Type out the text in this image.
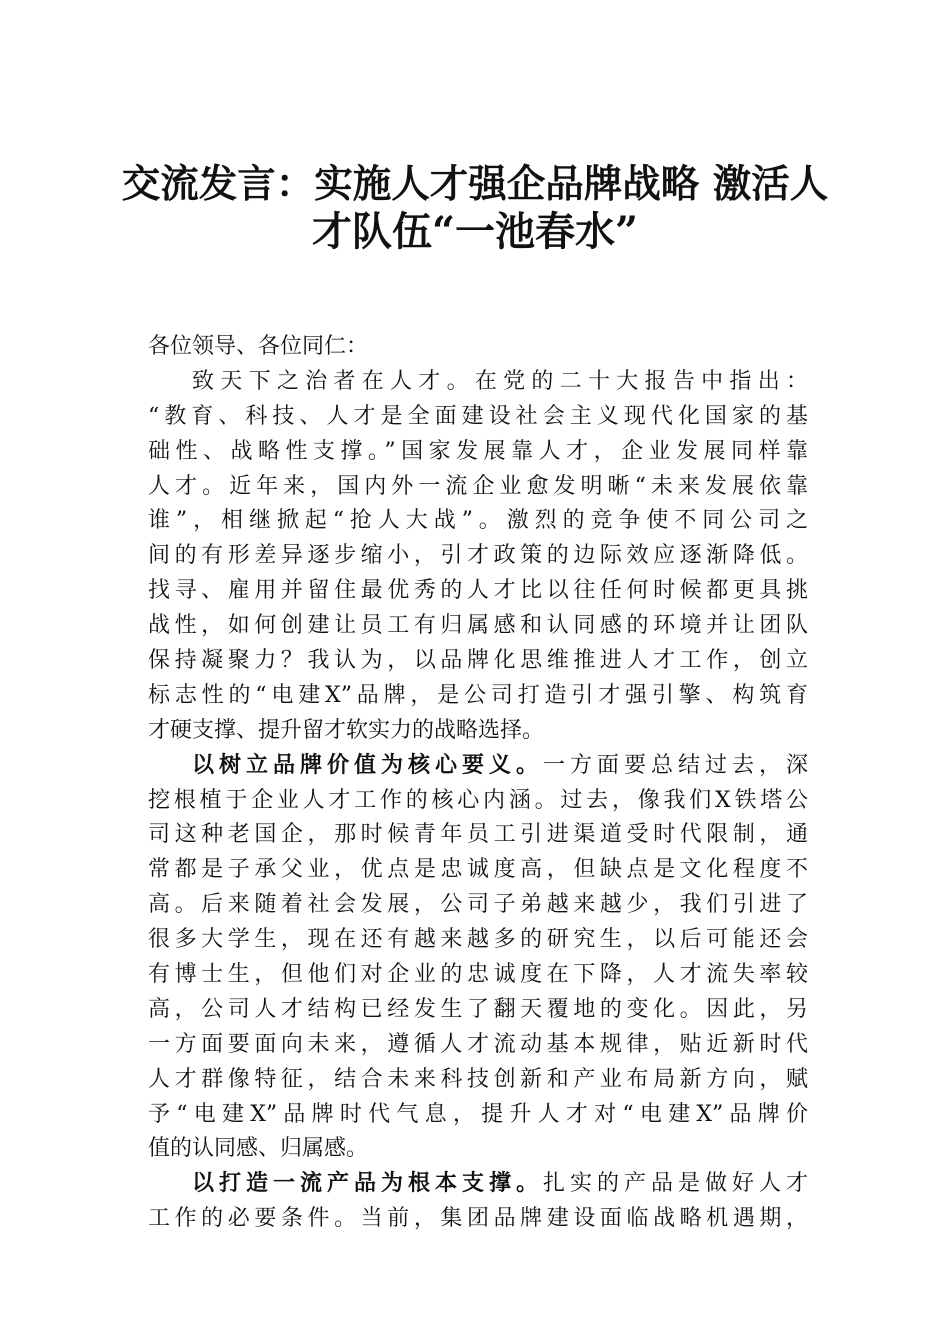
交流发言：实施人才强企品牌战略 激活人
才队伍“一池春水”
各位领导、各位同仁：
致天下之治者在人才。在党的二十大报告中指出：
“教育、科技、人才是全面建设社会主义现代化国家的基
础性、战略性支撑。”国家发展靠人才，企业发展同样靠
人才。近年来，国内外一流企业愈发明晰“未来发展依靠
谁”，相继掀起“抢人大战”。激烈的竞争使不同公司之
间的有形差异逐步缩小，引才政策的边际效应逐渐降低。
找寻、雇用并留住最优秀的人才比以往任何时候都更具挑
战性，如何创建让员工有归属感和认同感的环境并让团队
保持凝聚力？我认为，以品牌化思维推进人才工作，创立
标志性的“电建X”品牌，是公司打造引才强引擎、构筑育
才硬支撑、提升留才软实力的战略选择。
以树立品牌价值为核心要义。一方面要总结过去，深
挖根植于企业人才工作的核心内涵。过去，像我们X铁塔公
司这种老国企，那时候青年员工引进渠道受时代限制，通
常都是子承父业，优点是忠诚度高，但缺点是文化程度不
高。后来随着社会发展，公司子弟越来越少，我们引进了
很多大学生，现在还有越来越多的研究生，以后可能还会
有博士生，但他们对企业的忠诚度在下降，人才流失率较
高，公司人才结构已经发生了翻天覆地的变化。因此，另
一方面要面向未来，遵循人才流动基本规律，贴近新时代
人才群像特征，结合未来科技创新和产业布局新方向，赋
予“电建X”品牌时代气息，提升人才对“电建X”品牌价
值的认同感、归属感。
以打造一流产品为根本支撑。扎实的产品是做好人才
工作的必要条件。当前，集团品牌建设面临战略机遇期，
